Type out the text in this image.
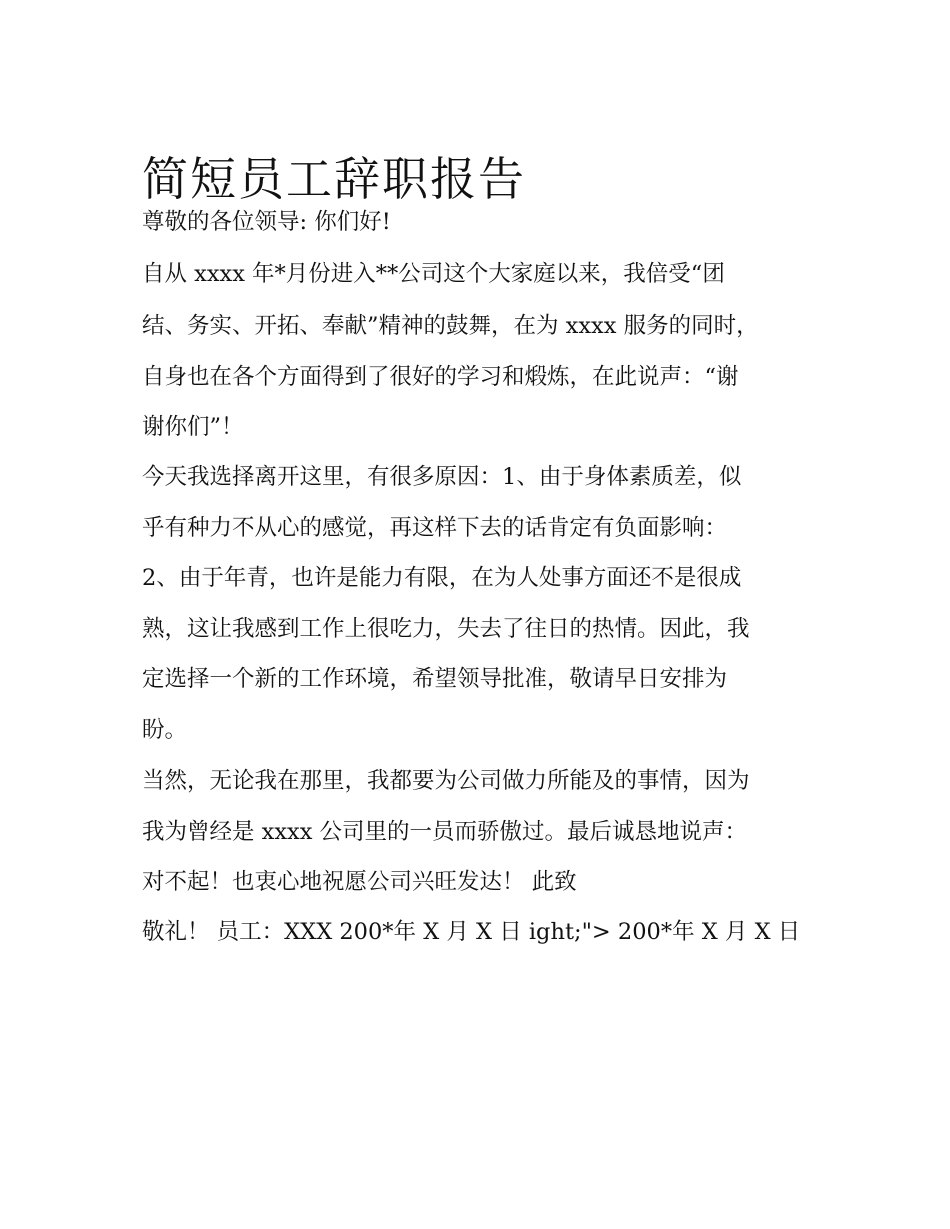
简短员工辞职报告
尊敬的各位领导: 你们好!
自从 xxxx 年*月份进入**公司这个大家庭以来，我倍受“团
结、务实、开拓、奉献”精神的鼓舞，在为 xxxx 服务的同时，
自身也在各个方面得到了很好的学习和煅炼，在此说声：“谢
谢你们”！
今天我选择离开这里，有很多原因：1、由于身体素质差，似
乎有种力不从心的感觉，再这样下去的话肯定有负面影响：
2、由于年青，也许是能力有限，在为人处事方面还不是很成
熟，这让我感到工作上很吃力，失去了往日的热情。因此，我
定选择一个新的工作环境，希望领导批准，敬请早日安排为
盼。
当然，无论我在那里，我都要为公司做力所能及的事情，因为
我为曾经是 xxxx 公司里的一员而骄傲过。最后诚恳地说声：
对不起！也衷心地祝愿公司兴旺发达！ 此致
敬礼！ 员工：XXX 200*年 X 月 X 日 ight;"> 200*年 X 月 X 日
